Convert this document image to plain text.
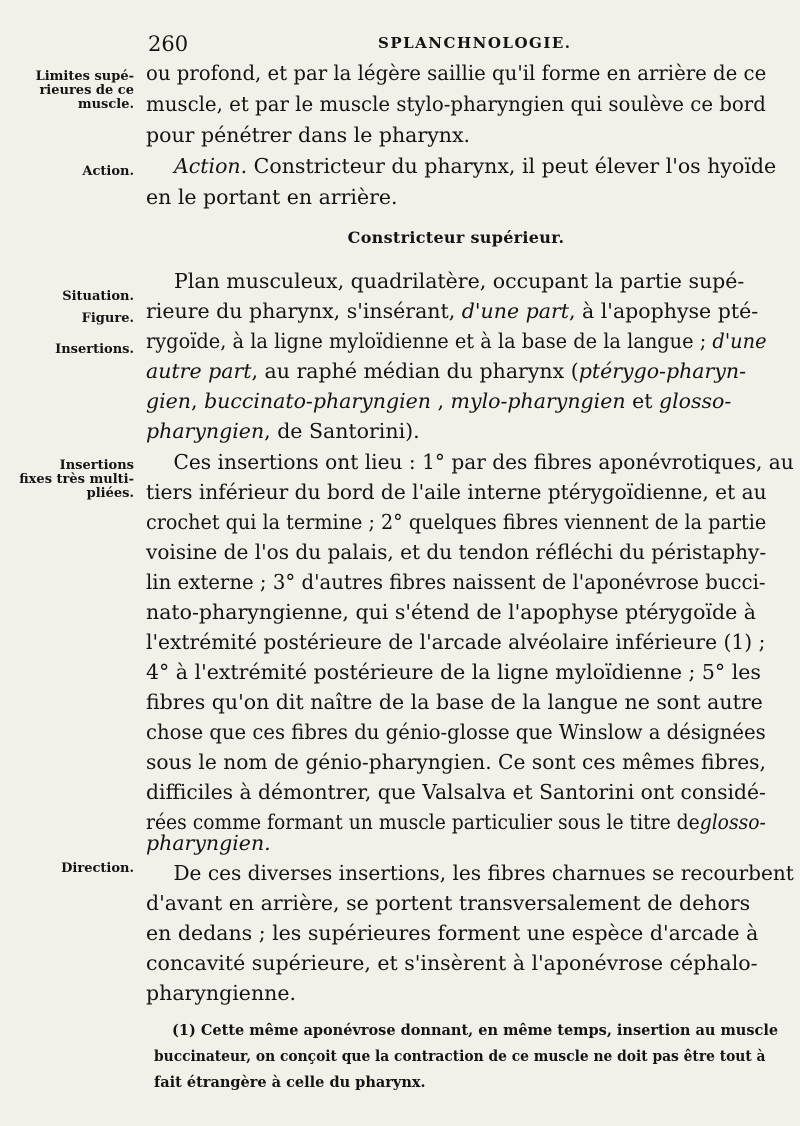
260	SPLANCHNOLOGIE.
Limites supé-
rieures de ce
muscle.
Action.
Situation.
Figure.
Insertions.
Insertions
fixes très multi-
pliées.
Direction.
ou profond, et par la légère saillie qu'il forme en arrière de ce
muscle, et par le muscle stylo-pharyngien qui soulève ce bord
pour pénétrer dans le pharynx.
Action. Constricteur du pharynx, il peut élever l'os hyoïde
en le portant en arrière.
Constricteur supérieur.
Plan musculeux, quadrilatère, occupant la partie supé-
rieure du pharynx, s'insérant, d'une part, à l'apophyse pté-
rygoïde, à la ligne myloïdienne et à la base de la langue ; d'une
autre part, au raphé médian du pharynx (ptérygo-pharyn-
gien, buccinato-pharyngien , mylo-pharyngien et glosso-
pharyngien, de Santorini).
Ces insertions ont lieu : 1° par des fibres aponévrotiques, au
tiers inférieur du bord de l'aile interne ptérygoïdienne, et au
crochet qui la termine ; 2° quelques fibres viennent de la partie
voisine de l'os du palais, et du tendon réfléchi du péristaphy-
lin externe ; 3° d'autres fibres naissent de l'aponévrose bucci-
nato-pharyngienne, qui s'étend de l'apophyse ptérygoïde à
l'extrémité postérieure de l'arcade alvéolaire inférieure (1) ;
4° à l'extrémité postérieure de la ligne myloïdienne ; 5° les
fibres qu'on dit naître de la base de la langue ne sont autre
chose que ces fibres du génio-glosse que Winslow a désignées
sous le nom de génio-pharyngien. Ce sont ces mêmes fibres,
difficiles à démontrer, que Valsalva et Santorini ont considé-
rées comme formant un muscle particulier sous le titre deglosso-
pharyngien.
De ces diverses insertions, les fibres charnues se recourbent
d'avant en arrière, se portent transversalement de dehors
en dedans ; les supérieures forment une espèce d'arcade à
concavité supérieure, et s'insèrent à l'aponévrose céphalo-
pharyngienne.
(1) Cette même aponévrose donnant, en même temps, insertion au muscle
buccinateur, on conçoit que la contraction de ce muscle ne doit pas être tout à
fait étrangère à celle du pharynx.
